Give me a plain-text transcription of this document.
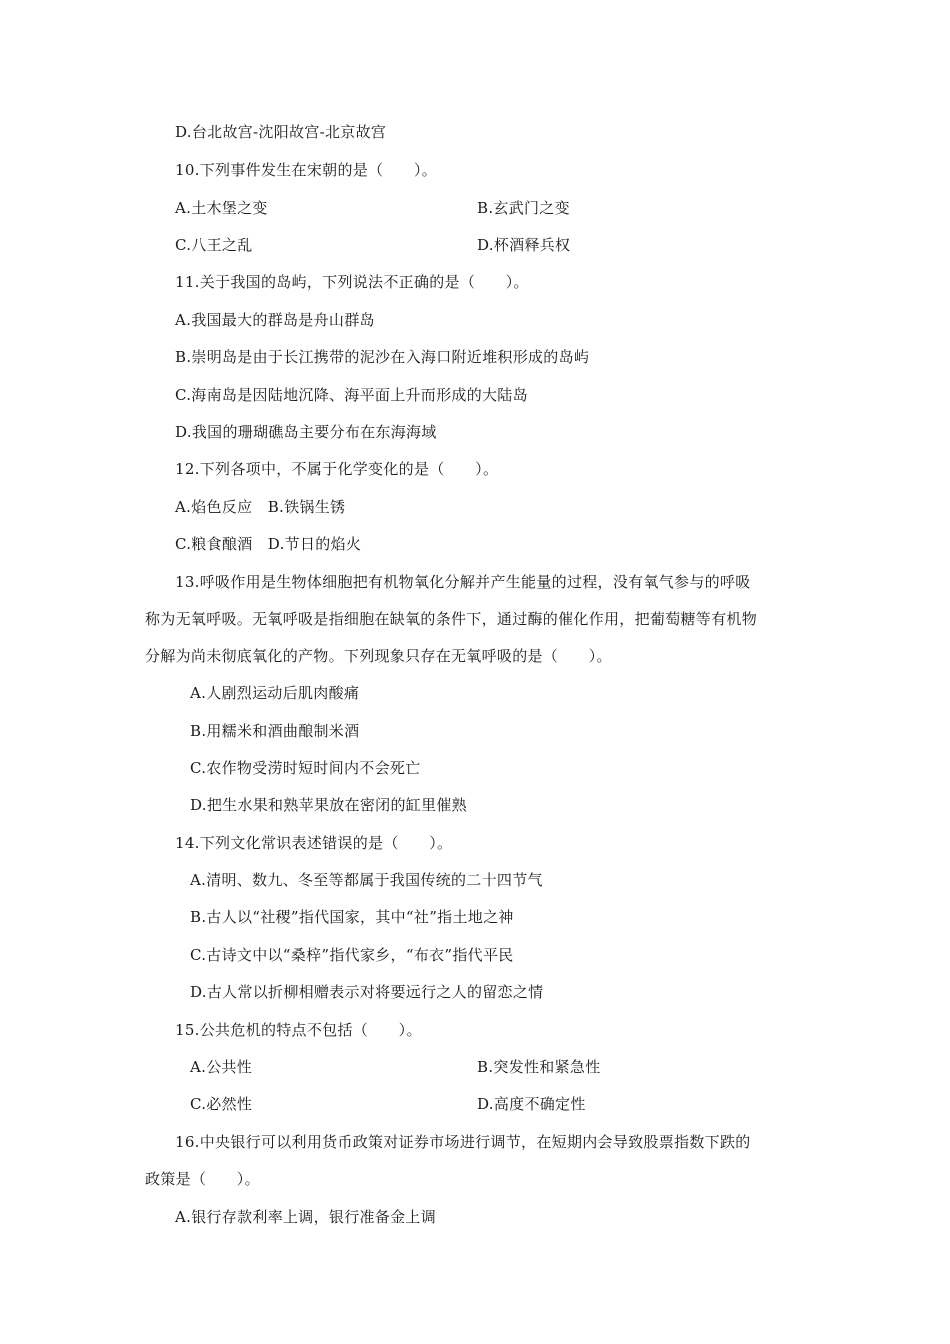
D.台北故宫-沈阳故宫-北京故宫
10.下列事件发生在宋朝的是（　　）。
A.土木堡之变	B.玄武门之变
C.八王之乱	D.杯酒释兵权
11.关于我国的岛屿，下列说法不正确的是（　　）。
A.我国最大的群岛是舟山群岛
B.崇明岛是由于长江携带的泥沙在入海口附近堆积形成的岛屿
C.海南岛是因陆地沉降、海平面上升而形成的大陆岛
D.我国的珊瑚礁岛主要分布在东海海域
12.下列各项中，不属于化学变化的是（　　）。
A.焰色反应　B.铁锅生锈
C.粮食酿酒　D.节日的焰火
13.呼吸作用是生物体细胞把有机物氧化分解并产生能量的过程，没有氧气参与的呼吸
称为无氧呼吸。无氧呼吸是指细胞在缺氧的条件下，通过酶的催化作用，把葡萄糖等有机物
分解为尚未彻底氧化的产物。下列现象只存在无氧呼吸的是（　　）。
A.人剧烈运动后肌肉酸痛
B.用糯米和酒曲酿制米酒
C.农作物受涝时短时间内不会死亡
D.把生水果和熟苹果放在密闭的缸里催熟
14.下列文化常识表述错误的是（　　）。
A.清明、数九、冬至等都属于我国传统的二十四节气
B.古人以“社稷”指代国家，其中“社”指土地之神
C.古诗文中以“桑梓”指代家乡，“布衣”指代平民
D.古人常以折柳相赠表示对将要远行之人的留恋之情
15.公共危机的特点不包括（　　）。
A.公共性	B.突发性和紧急性
C.必然性	D.高度不确定性
16.中央银行可以利用货币政策对证券市场进行调节，在短期内会导致股票指数下跌的
政策是（　　）。
A.银行存款利率上调，银行准备金上调
